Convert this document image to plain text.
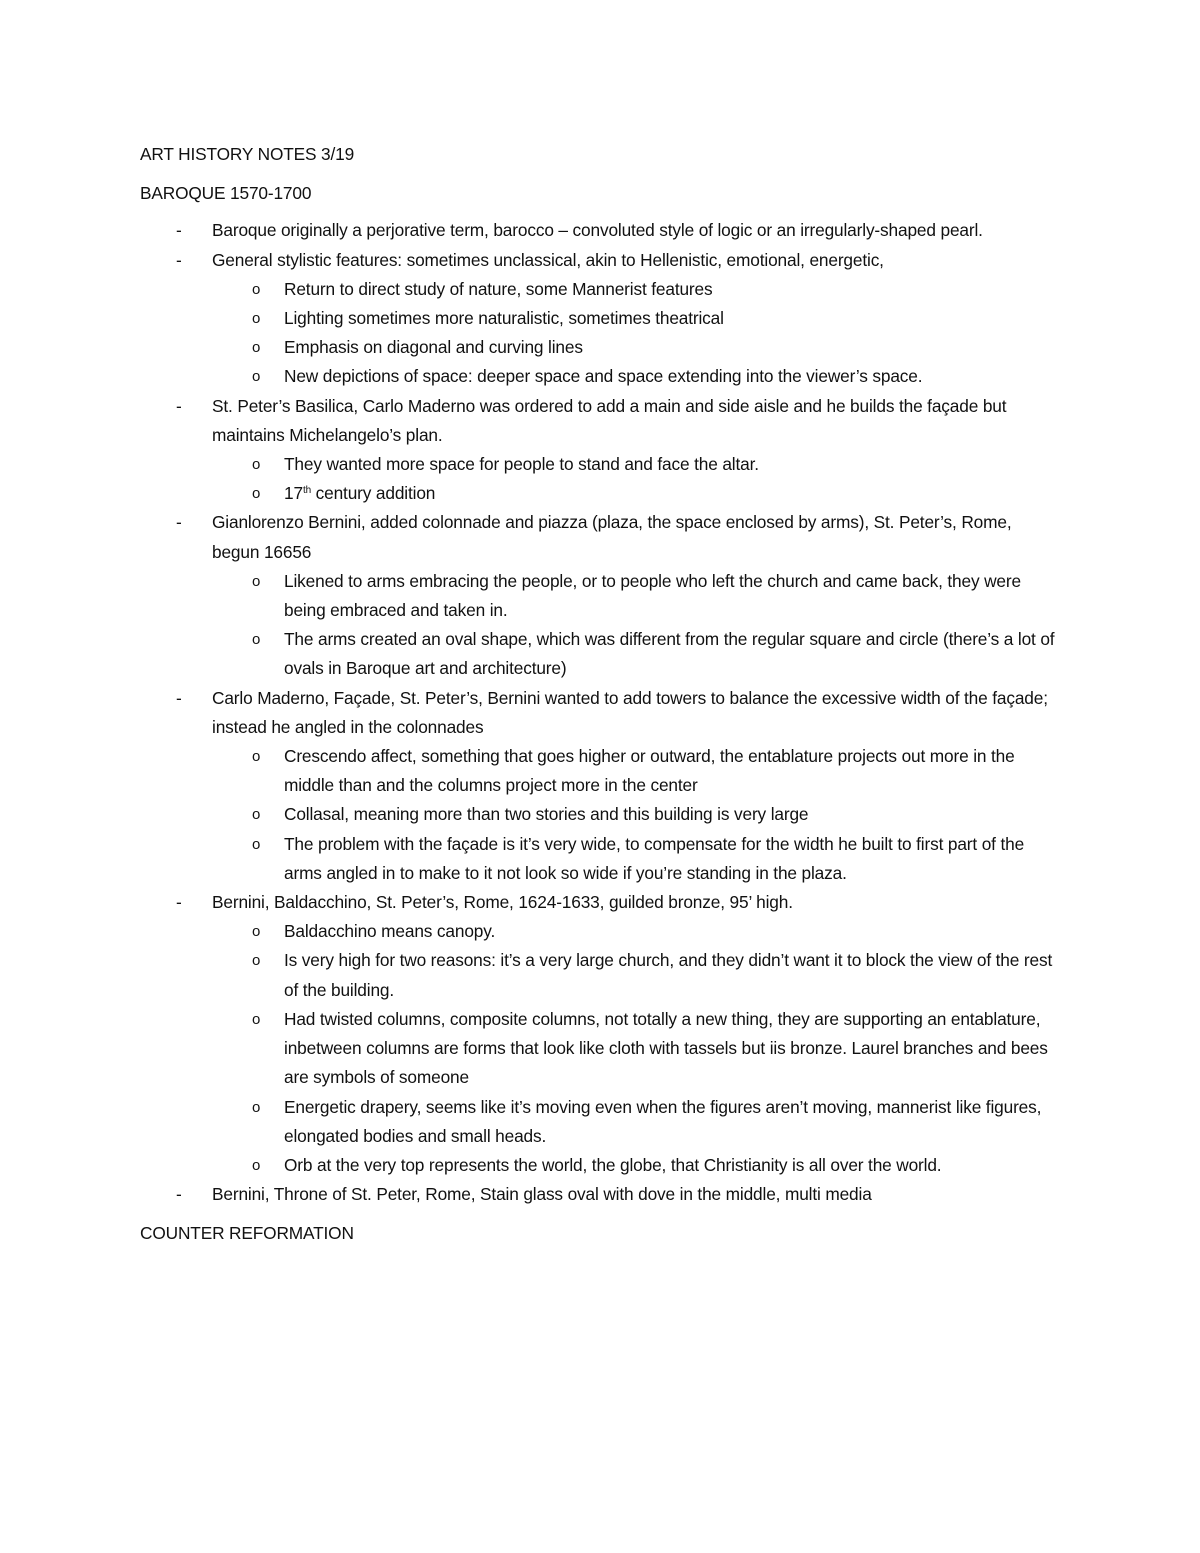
ART HISTORY NOTES 3/19

BAROQUE 1570-1700

- Baroque originally a perjorative term, barocco – convoluted style of logic or an irregularly-shaped pearl.
- General stylistic features: sometimes unclassical, akin to Hellenistic, emotional, energetic,
o Return to direct study of nature, some Mannerist features
o Lighting sometimes more naturalistic, sometimes theatrical
o Emphasis on diagonal and curving lines
o New depictions of space: deeper space and space extending into the viewer’s space.
- St. Peter’s Basilica, Carlo Maderno was ordered to add a main and side aisle and he builds the façade but maintains Michelangelo’s plan.
o They wanted more space for people to stand and face the altar.
o 17th century addition
- Gianlorenzo Bernini, added colonnade and piazza (plaza, the space enclosed by arms), St. Peter’s, Rome, begun 16656
o Likened to arms embracing the people, or to people who left the church and came back, they were being embraced and taken in.
o The arms created an oval shape, which was different from the regular square and circle (there’s a lot of ovals in Baroque art and architecture)
- Carlo Maderno, Façade, St. Peter’s, Bernini wanted to add towers to balance the excessive width of the façade; instead he angled in the colonnades
o Crescendo affect, something that goes higher or outward, the entablature projects out more in the middle than and the columns project more in the center
o Collasal, meaning more than two stories and this building is very large
o The problem with the façade is it’s very wide, to compensate for the width he built to first part of the arms angled in to make to it not look so wide if you’re standing in the plaza.
- Bernini, Baldacchino, St. Peter’s, Rome, 1624-1633, guilded bronze, 95’ high.
o Baldacchino means canopy.
o Is very high for two reasons: it’s a very large church, and they didn’t want it to block the view of the rest of the building.
o Had twisted columns, composite columns, not totally a new thing, they are supporting an entablature, inbetween columns are forms that look like cloth with tassels but iis bronze. Laurel branches and bees are symbols of someone
o Energetic drapery, seems like it’s moving even when the figures aren’t moving, mannerist like figures, elongated bodies and small heads.
o Orb at the very top represents the world, the globe, that Christianity is all over the world.
- Bernini, Throne of St. Peter, Rome, Stain glass oval with dove in the middle, multi media

COUNTER REFORMATION
